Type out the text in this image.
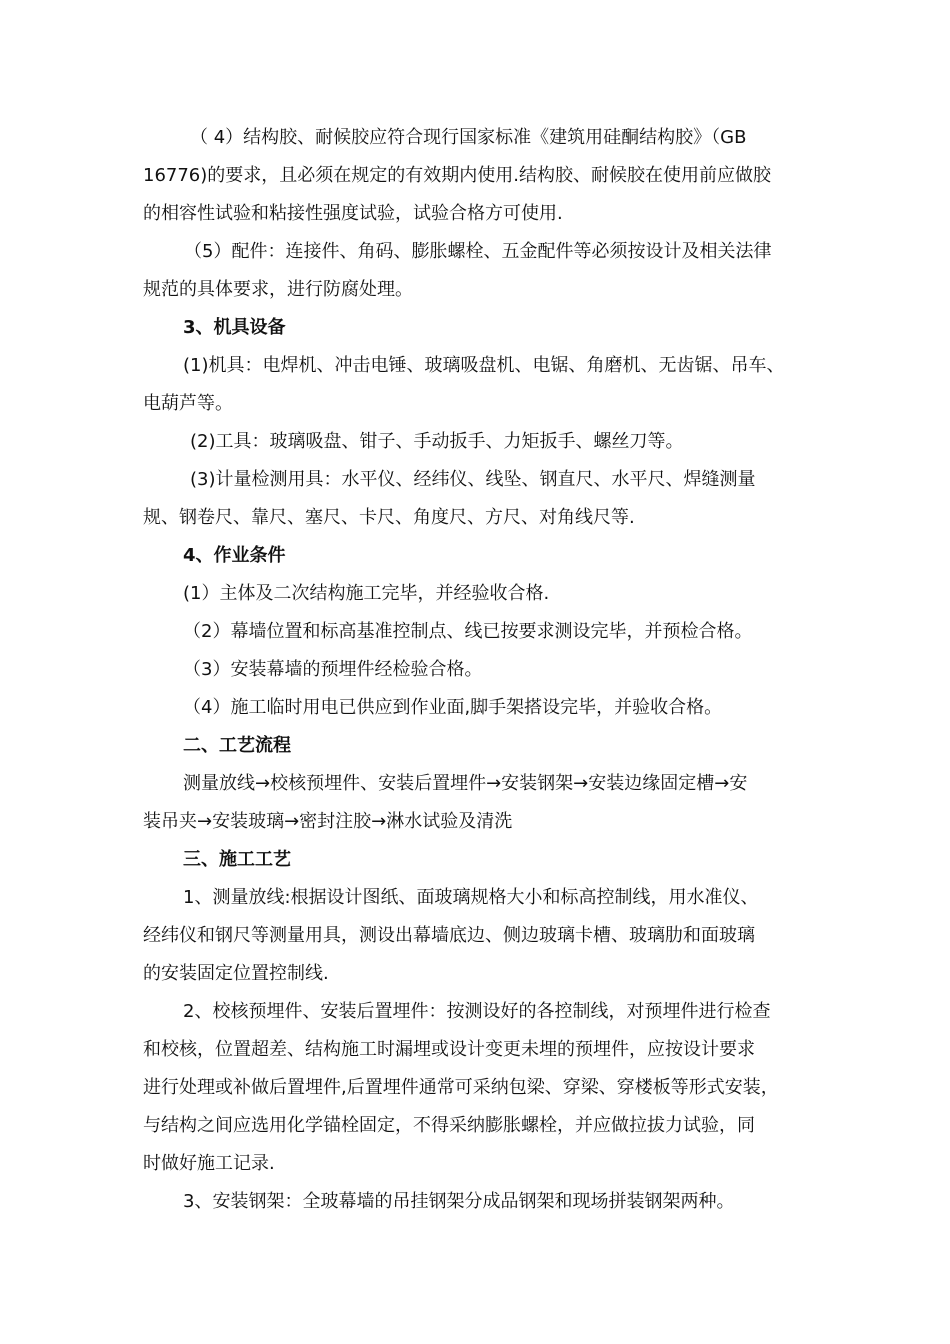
（ 4）结构胶、耐候胶应符合现行国家标准《建筑用硅酮结构胶》（GB
16776)的要求，且必须在规定的有效期内使用.结构胶、耐候胶在使用前应做胶
的相容性试验和粘接性强度试验，试验合格方可使用.
（5）配件：连接件、角码、膨胀螺栓、五金配件等必须按设计及相关法律
规范的具体要求，进行防腐处理。
3、机具设备
(1)机具：电焊机、冲击电锤、玻璃吸盘机、电锯、角磨机、无齿锯、吊车、
电葫芦等。
(2)工具：玻璃吸盘、钳子、手动扳手、力矩扳手、螺丝刀等。
(3)计量检测用具：水平仪、经纬仪、线坠、钢直尺、水平尺、焊缝测量
规、钢卷尺、靠尺、塞尺、卡尺、角度尺、方尺、对角线尺等.
4、作业条件
(1）主体及二次结构施工完毕，并经验收合格.
（2）幕墙位置和标高基准控制点、线已按要求测设完毕，并预检合格。
（3）安装幕墙的预埋件经检验合格。
（4）施工临时用电已供应到作业面,脚手架搭设完毕，并验收合格。
二、工艺流程
测量放线→校核预埋件、安装后置埋件→安装钢架→安装边缘固定槽→安
装吊夹→安装玻璃→密封注胶→淋水试验及清洗
三、施工工艺
1、测量放线:根据设计图纸、面玻璃规格大小和标高控制线，用水准仪、
经纬仪和钢尺等测量用具，测设出幕墙底边、侧边玻璃卡槽、玻璃肋和面玻璃
的安装固定位置控制线.
2、校核预埋件、安装后置埋件：按测设好的各控制线，对预埋件进行检查
和校核，位置超差、结构施工时漏埋或设计变更未埋的预埋件，应按设计要求
进行处理或补做后置埋件,后置埋件通常可采纳包梁、穿梁、穿楼板等形式安装，
与结构之间应选用化学锚栓固定，不得采纳膨胀螺栓，并应做拉拔力试验，同
时做好施工记录.
3、安装钢架：全玻幕墙的吊挂钢架分成品钢架和现场拼装钢架两种。
